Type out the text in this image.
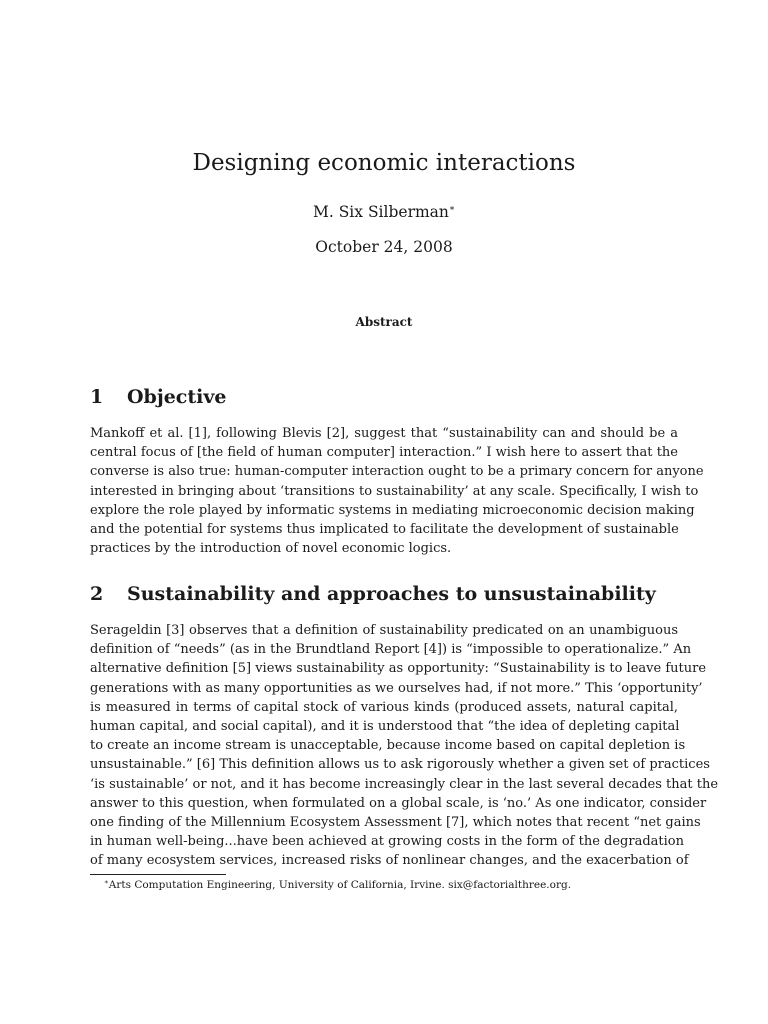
Designing economic interactions
M. Six Silberman∗
October 24, 2008
Abstract
1 Objective
Mankoff et al. [1], following Blevis [2], suggest that “sustainability can and should be a
central focus of [the field of human computer] interaction.” I wish here to assert that the
converse is also true: human-computer interaction ought to be a primary concern for anyone
interested in bringing about ‘transitions to sustainability’ at any scale. Specifically, I wish to
explore the role played by informatic systems in mediating microeconomic decision making
and the potential for systems thus implicated to facilitate the development of sustainable
practices by the introduction of novel economic logics.
2 Sustainability and approaches to unsustainability
Serageldin [3] observes that a definition of sustainability predicated on an unambiguous
definition of “needs” (as in the Brundtland Report [4]) is “impossible to operationalize.” An
alternative definition [5] views sustainability as opportunity: “Sustainability is to leave future
generations with as many opportunities as we ourselves had, if not more.” This ‘opportunity’
is measured in terms of capital stock of various kinds (produced assets, natural capital,
human capital, and social capital), and it is understood that “the idea of depleting capital
to create an income stream is unacceptable, because income based on capital depletion is
unsustainable.” [6] This definition allows us to ask rigorously whether a given set of practices
‘is sustainable’ or not, and it has become increasingly clear in the last several decades that the
answer to this question, when formulated on a global scale, is ‘no.’ As one indicator, consider
one finding of the Millennium Ecosystem Assessment [7], which notes that recent “net gains
in human well-being...have been achieved at growing costs in the form of the degradation
of many ecosystem services, increased risks of nonlinear changes, and the exacerbation of
∗Arts Computation Engineering, University of California, Irvine. six@factorialthree.org.
